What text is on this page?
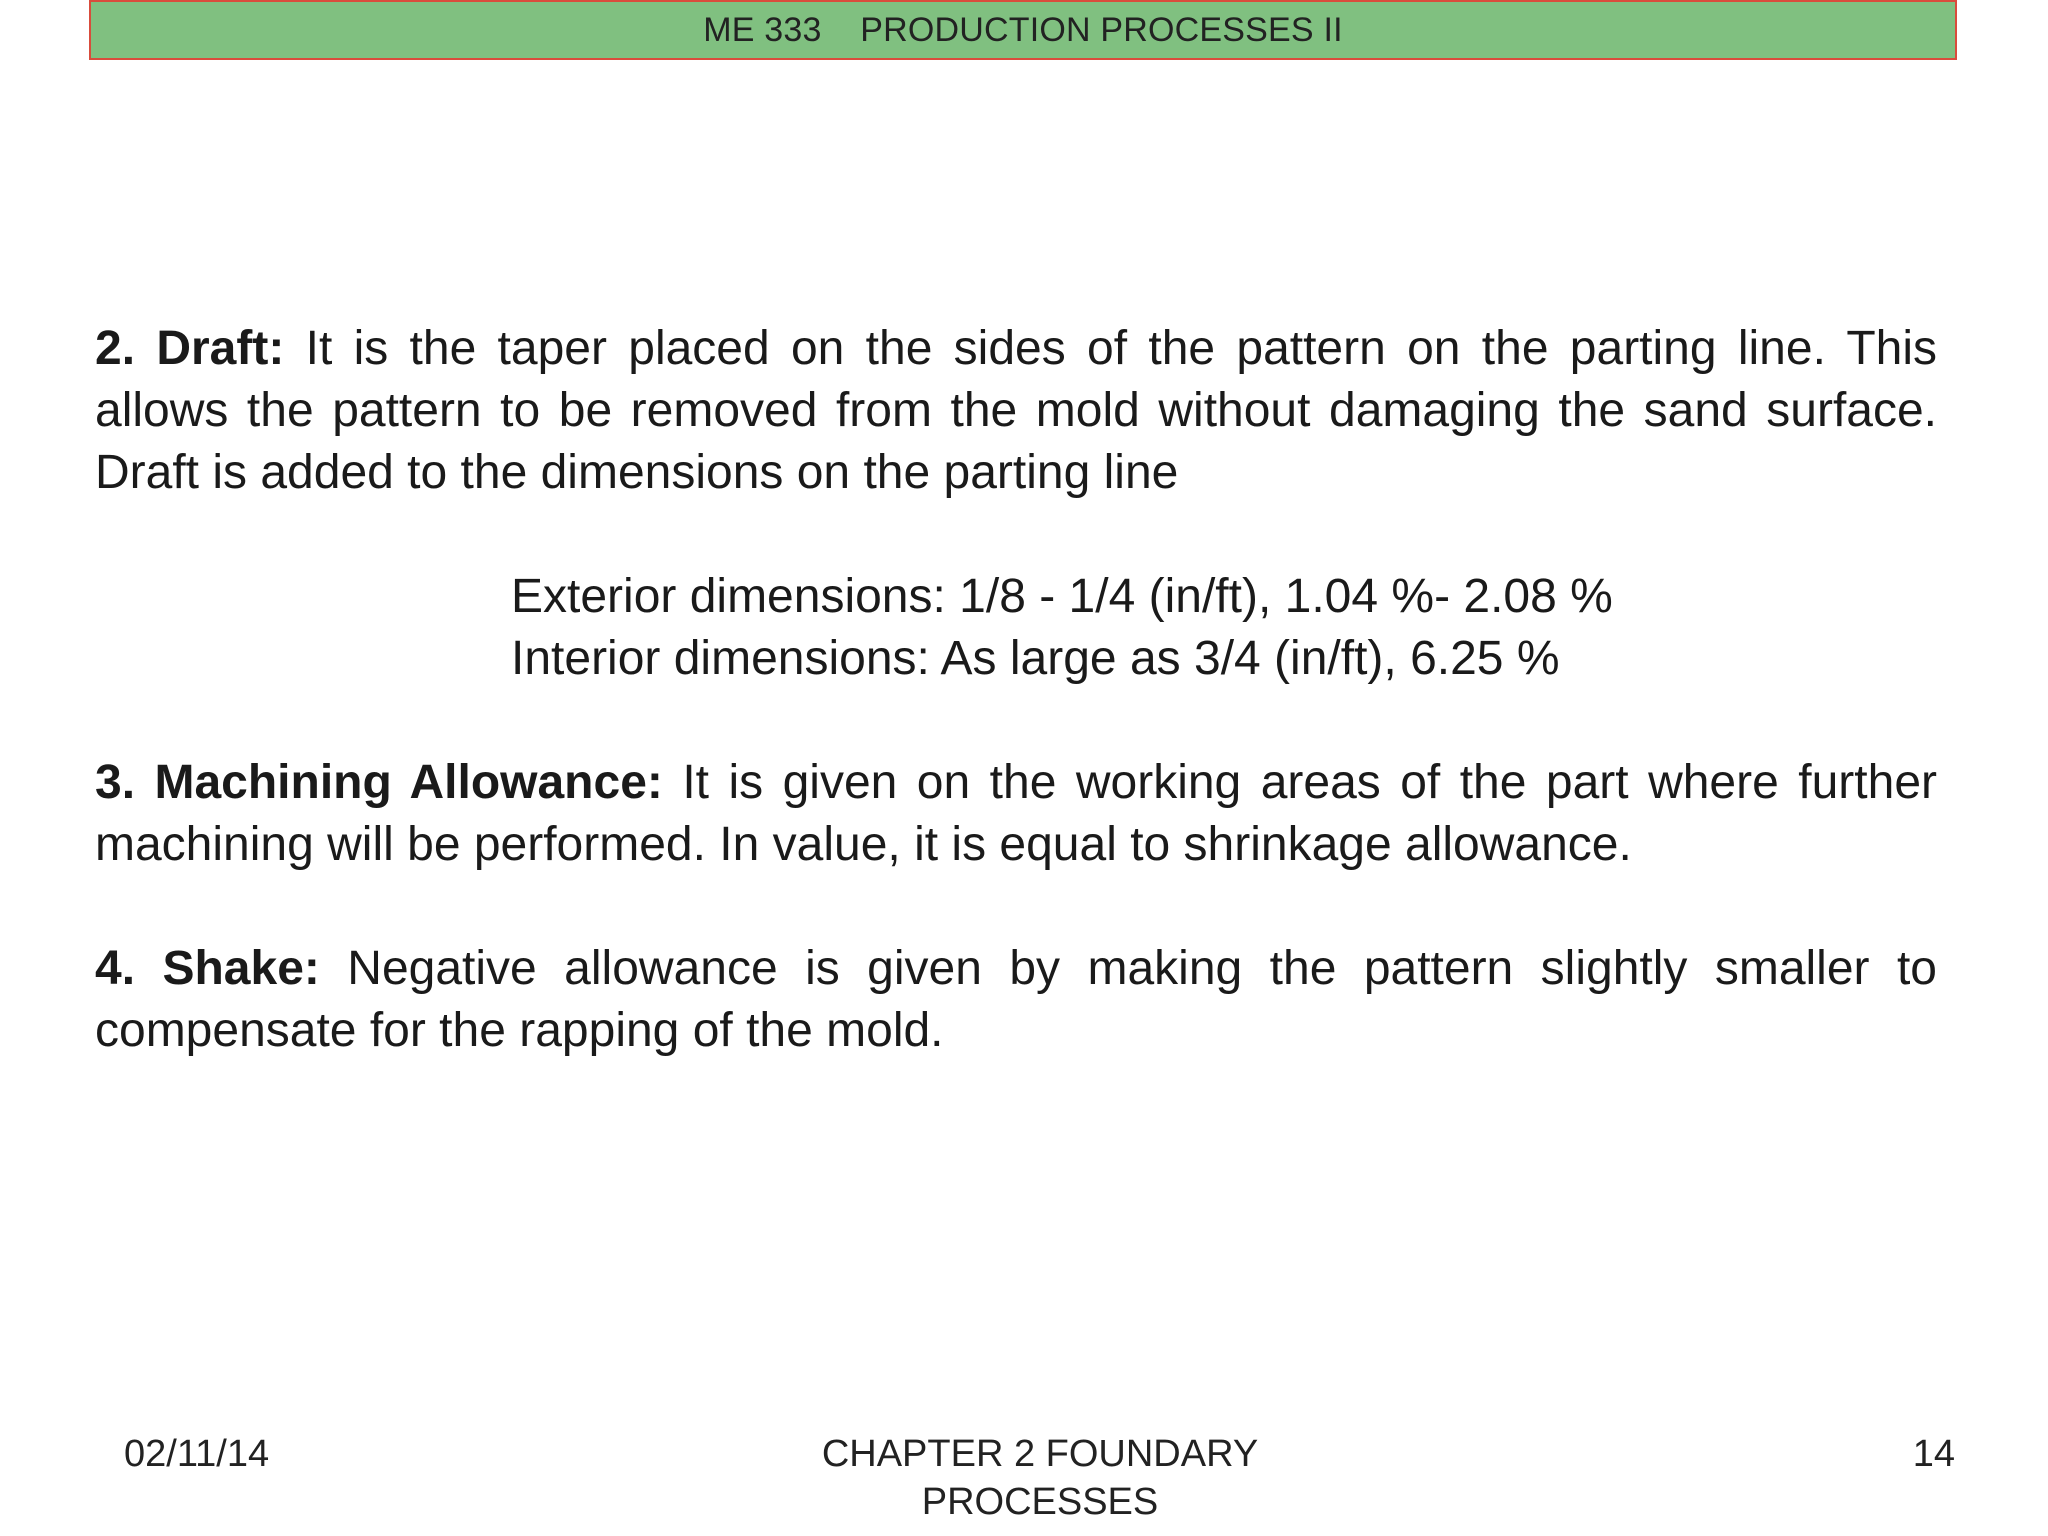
ME 333    PRODUCTION PROCESSES II

2. Draft: It is the taper placed on the sides of the pattern on the parting line. This allows the pattern to be removed from the mold without damaging the sand surface. Draft is added to the dimensions on the parting line

Exterior dimensions: 1/8 - 1/4 (in/ft), 1.04 %- 2.08 %
Interior dimensions: As large as 3/4 (in/ft), 6.25 %

3. Machining Allowance: It is given on the working areas of the part where further machining will be performed. In value, it is equal to shrinkage allowance.

4. Shake: Negative allowance is given by making the pattern slightly smaller to compensate for the rapping of the mold.

02/11/14	CHAPTER 2 FOUNDARY
PROCESSES
14
